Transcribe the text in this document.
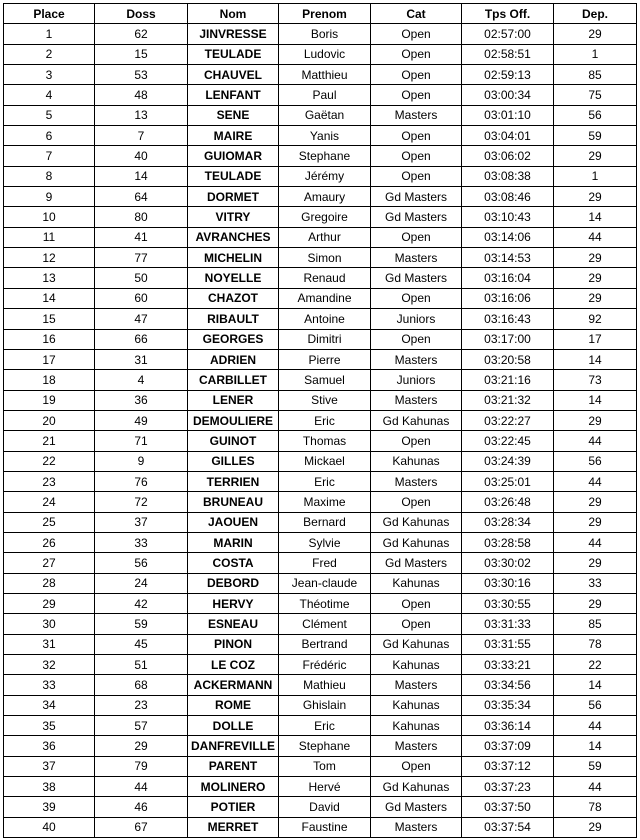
Place	Doss	Nom	Prenom	Cat	Tps Off.	Dep.
1	62	JINVRESSE	Boris	Open	02:57:00	29
2	15	TEULADE	Ludovic	Open	02:58:51	1
3	53	CHAUVEL	Matthieu	Open	02:59:13	85
4	48	LENFANT	Paul	Open	03:00:34	75
5	13	SENE	Gaëtan	Masters	03:01:10	56
6	7	MAIRE	Yanis	Open	03:04:01	59
7	40	GUIOMAR	Stephane	Open	03:06:02	29
8	14	TEULADE	Jérémy	Open	03:08:38	1
9	64	DORMET	Amaury	Gd Masters	03:08:46	29
10	80	VITRY	Gregoire	Gd Masters	03:10:43	14
11	41	AVRANCHES	Arthur	Open	03:14:06	44
12	77	MICHELIN	Simon	Masters	03:14:53	29
13	50	NOYELLE	Renaud	Gd Masters	03:16:04	29
14	60	CHAZOT	Amandine	Open	03:16:06	29
15	47	RIBAULT	Antoine	Juniors	03:16:43	92
16	66	GEORGES	Dimitri	Open	03:17:00	17
17	31	ADRIEN	Pierre	Masters	03:20:58	14
18	4	CARBILLET	Samuel	Juniors	03:21:16	73
19	36	LENER	Stive	Masters	03:21:32	14
20	49	DEMOULIERE	Eric	Gd Kahunas	03:22:27	29
21	71	GUINOT	Thomas	Open	03:22:45	44
22	9	GILLES	Mickael	Kahunas	03:24:39	56
23	76	TERRIEN	Eric	Masters	03:25:01	44
24	72	BRUNEAU	Maxime	Open	03:26:48	29
25	37	JAOUEN	Bernard	Gd Kahunas	03:28:34	29
26	33	MARIN	Sylvie	Gd Kahunas	03:28:58	44
27	56	COSTA	Fred	Gd Masters	03:30:02	29
28	24	DEBORD	Jean-claude	Kahunas	03:30:16	33
29	42	HERVY	Théotime	Open	03:30:55	29
30	59	ESNEAU	Clément	Open	03:31:33	85
31	45	PINON	Bertrand	Gd Kahunas	03:31:55	78
32	51	LE COZ	Frédéric	Kahunas	03:33:21	22
33	68	ACKERMANN	Mathieu	Masters	03:34:56	14
34	23	ROME	Ghislain	Kahunas	03:35:34	56
35	57	DOLLE	Eric	Kahunas	03:36:14	44
36	29	DANFREVILLE	Stephane	Masters	03:37:09	14
37	79	PARENT	Tom	Open	03:37:12	59
38	44	MOLINERO	Hervé	Gd Kahunas	03:37:23	44
39	46	POTIER	David	Gd Masters	03:37:50	78
40	67	MERRET	Faustine	Masters	03:37:54	29
